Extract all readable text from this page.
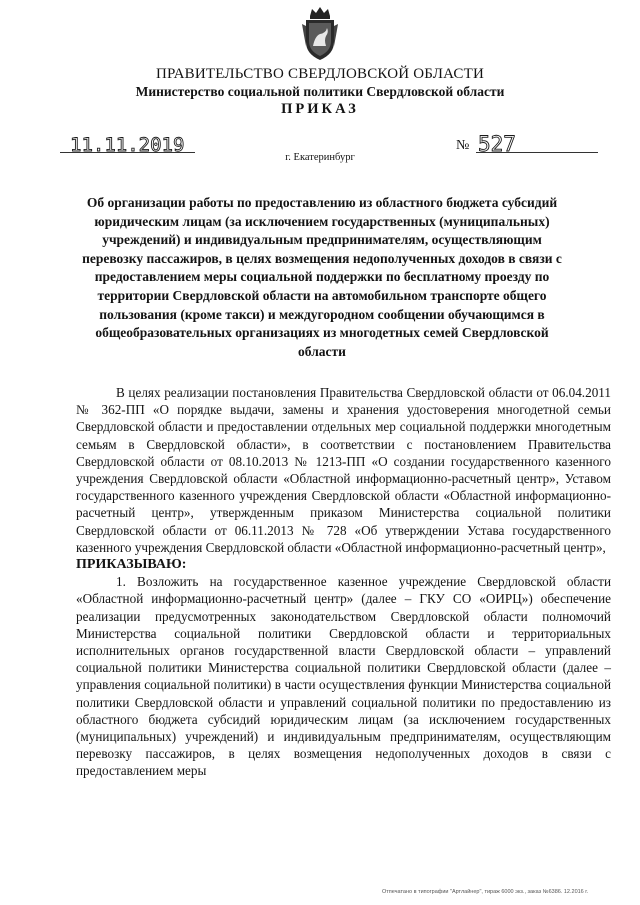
ПРАВИТЕЛЬСТВО СВЕРДЛОВСКОЙ ОБЛАСТИ
Министерство социальной политики Свердловской области
ПРИКАЗ
11.11.2019	№ 527
г. Екатеринбург
Об организации работы по предоставлению из областного бюджета субсидий юридическим лицам (за исключением государственных (муниципальных) учреждений) и индивидуальным предпринимателям, осуществляющим перевозку пассажиров, в целях возмещения недополученных доходов в связи с предоставлением меры социальной поддержки по бесплатному проезду по территории Свердловской области на автомобильном транспорте общего пользования (кроме такси) и междугородном сообщении обучающимся в общеобразовательных организациях из многодетных семей Свердловской области

В целях реализации постановления Правительства Свердловской области от 06.04.2011 № 362-ПП «О порядке выдачи, замены и хранения удостоверения многодетной семьи Свердловской области и предоставлении отдельных мер социальной поддержки многодетным семьям в Свердловской области», в соответствии с постановлением Правительства Свердловской области от 08.10.2013 № 1213-ПП «О создании государственного казенного учреждения Свердловской области «Областной информационно-расчетный центр», Уставом государственного казенного учреждения Свердловской области «Областной информационно-расчетный центр», утвержденным приказом Министерства социальной политики Свердловской области от 06.11.2013 № 728 «Об утверждении Устава государственного казенного учреждения Свердловской области «Областной информационно-расчетный центр»,

ПРИКАЗЫВАЮ:

1. Возложить на государственное казенное учреждение Свердловской области «Областной информационно-расчетный центр» (далее – ГКУ СО «ОИРЦ») обеспечение реализации предусмотренных законодательством Свердловской области полномочий Министерства социальной политики Свердловской области и территориальных исполнительных органов государственной власти Свердловской области – управлений социальной политики Министерства социальной политики Свердловской области (далее – управления социальной политики) в части осуществления функции Министерства социальной политики Свердловской области и управлений социальной политики по предоставлению из областного бюджета субсидий юридическим лицам (за исключением государственных (муниципальных) учреждений) и индивидуальным предпринимателям, осуществляющим перевозку пассажиров, в целях возмещения недополученных доходов в связи с предоставлением меры

Отпечатано в типографии "Артлайнер", тираж 6000 экз., заказ №6386. 12.2016 г.
